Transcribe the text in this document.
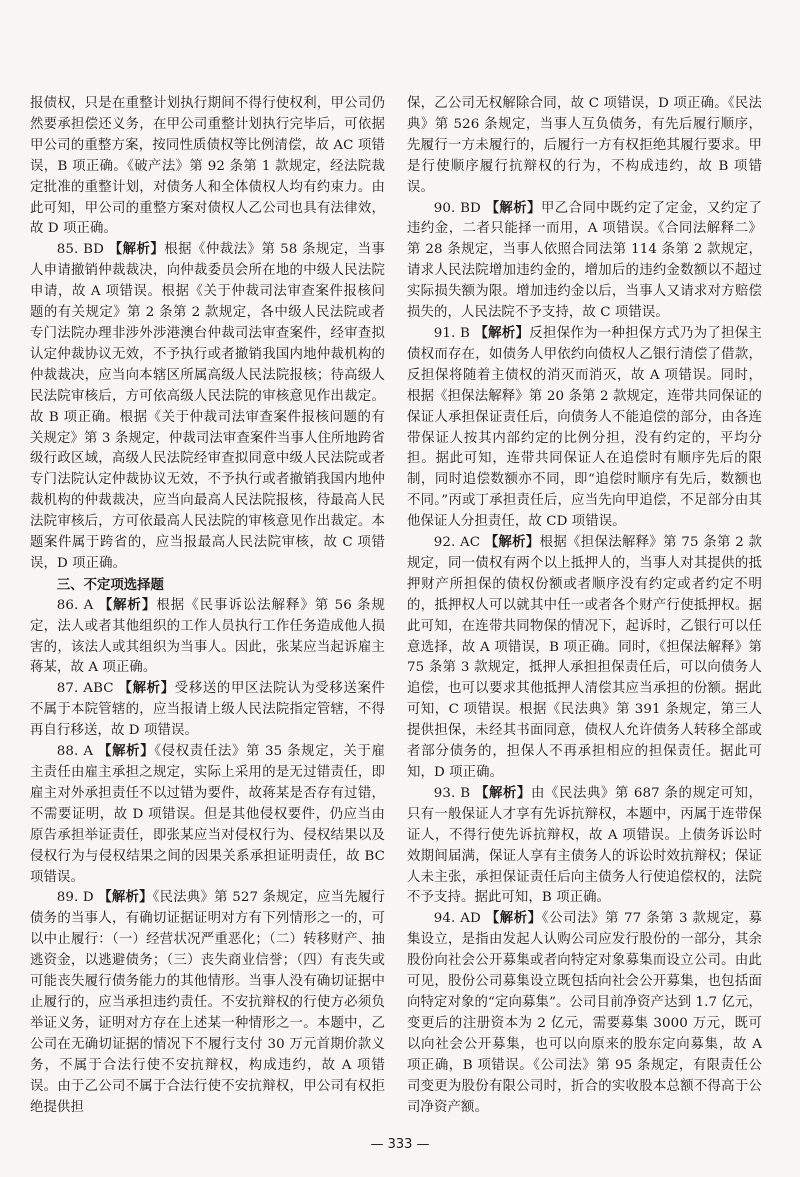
报债权，只是在重整计划执行期间不得行使权利，甲公司仍然要承担偿还义务，在甲公司重整计划执行完毕后，可依据甲公司的重整方案，按同性质债权等比例清偿，故 AC 项错误，B 项正确。《破产法》第 92 条第 1 款规定，经法院裁定批准的重整计划，对债务人和全体债权人均有约束力。由此可知，甲公司的重整方案对债权人乙公司也具有法律效，故 D 项正确。

85. BD 【解析】根据《仲裁法》第 58 条规定，当事人申请撤销仲裁裁决，向仲裁委员会所在地的中级人民法院申请，故 A 项错误。根据《关于仲裁司法审查案件报核问题的有关规定》第 2 条第 2 款规定，各中级人民法院或者专门法院办理非涉外涉港澳台仲裁司法审查案件，经审查拟认定仲裁协议无效，不予执行或者撤销我国内地仲裁机构的仲裁裁决，应当向本辖区所属高级人民法院报核；待高级人民法院审核后，方可依高级人民法院的审核意见作出裁定。故 B 项正确。根据《关于仲裁司法审查案件报核问题的有关规定》第 3 条规定，仲裁司法审查案件当事人住所地跨省级行政区域，高级人民法院经审查拟同意中级人民法院或者专门法院认定仲裁协议无效，不予执行或者撤销我国内地仲裁机构的仲裁裁决，应当向最高人民法院报核，待最高人民法院审核后，方可依最高人民法院的审核意见作出裁定。本题案件属于跨省的，应当报最高人民法院审核，故 C 项错误，D 项正确。

三、不定项选择题

86. A 【解析】根据《民事诉讼法解释》第 56 条规定，法人或者其他组织的工作人员执行工作任务造成他人损害的，该法人或其组织为当事人。因此，张某应当起诉雇主蒋某，故 A 项正确。

87. ABC 【解析】受移送的甲区法院认为受移送案件不属于本院管辖的，应当报请上级人民法院指定管辖，不得再自行移送，故 D 项错误。

88. A 【解析】《侵权责任法》第 35 条规定，关于雇主责任由雇主承担之规定，实际上采用的是无过错责任，即雇主对外承担责任不以过错为要件，故蒋某是否存有过错，不需要证明，故 D 项错误。但是其他侵权要件，仍应当由原告承担举证责任，即张某应当对侵权行为、侵权结果以及侵权行为与侵权结果之间的因果关系承担证明责任，故 BC 项错误。

89. D 【解析】《民法典》第 527 条规定，应当先履行债务的当事人，有确切证据证明对方有下列情形之一的，可以中止履行：（一）经营状况严重恶化；（二）转移财产、抽逃资金，以逃避债务；（三）丧失商业信誉；（四）有丧失或可能丧失履行债务能力的其他情形。当事人没有确切证据中止履行的，应当承担违约责任。不安抗辩权的行使方必须负举证义务，证明对方存在上述某一种情形之一。本题中，乙公司在无确切证据的情况下不履行支付 30 万元首期价款义务，不属于合法行使不安抗辩权，构成违约，故 A 项错误。由于乙公司不属于合法行使不安抗辩权，甲公司有权拒绝提供担

保，乙公司无权解除合同，故 C 项错误，D 项正确。《民法典》第 526 条规定，当事人互负债务，有先后履行顺序，先履行一方未履行的，后履行一方有权拒绝其履行要求。甲是行使顺序履行抗辩权的行为，不构成违约，故 B 项错误。

90. BD 【解析】甲乙合同中既约定了定金，又约定了违约金，二者只能择一而用，A 项错误。《合同法解释二》第 28 条规定，当事人依照合同法第 114 条第 2 款规定，请求人民法院增加违约金的，增加后的违约金数额以不超过实际损失额为限。增加违约金以后，当事人又请求对方赔偿损失的，人民法院不予支持，故 C 项错误。

91. B 【解析】反担保作为一种担保方式乃为了担保主债权而存在，如债务人甲依约向债权人乙银行清偿了借款，反担保将随着主债权的消灭而消灭，故 A 项错误。同时，根据《担保法解释》第 20 条第 2 款规定，连带共同保证的保证人承担保证责任后，向债务人不能追偿的部分，由各连带保证人按其内部约定的比例分担，没有约定的，平均分担。据此可知，连带共同保证人在追偿时有顺序先后的限制，同时追偿数额亦不同，即“追偿时顺序有先后，数额也不同。”丙或丁承担责任后，应当先向甲追偿，不足部分由其他保证人分担责任，故 CD 项错误。

92. AC 【解析】根据《担保法解释》第 75 条第 2 款规定，同一债权有两个以上抵押人的，当事人对其提供的抵押财产所担保的债权份额或者顺序没有约定或者约定不明的，抵押权人可以就其中任一或者各个财产行使抵押权。据此可知，在连带共同物保的情况下，起诉时，乙银行可以任意选择，故 A 项错误，B 项正确。同时，《担保法解释》第 75 条第 3 款规定，抵押人承担担保责任后，可以向债务人追偿，也可以要求其他抵押人清偿其应当承担的份额。据此可知，C 项错误。根据《民法典》第 391 条规定，第三人提供担保，未经其书面同意，债权人允许债务人转移全部或者部分债务的，担保人不再承担相应的担保责任。据此可知，D 项正确。

93. B 【解析】由《民法典》第 687 条的规定可知，只有一般保证人才享有先诉抗辩权，本题中，丙属于连带保证人，不得行使先诉抗辩权，故 A 项错误。上债务诉讼时效期间届满，保证人享有主债务人的诉讼时效抗辩权；保证人未主张，承担保证责任后向主债务人行使追偿权的，法院不予支持。据此可知，B 项正确。

94. AD 【解析】《公司法》第 77 条第 3 款规定，募集设立，是指由发起人认购公司应发行股份的一部分，其余股份向社会公开募集或者向特定对象募集而设立公司。由此可见，股份公司募集设立既包括向社会公开募集，也包括面向特定对象的“定向募集”。公司目前净资产达到 1.7 亿元，变更后的注册资本为 2 亿元，需要募集 3000 万元，既可以向社会公开募集，也可以向原来的股东定向募集，故 A 项正确，B 项错误。《公司法》第 95 条规定，有限责任公司变更为股份有限公司时，折合的实收股本总额不得高于公司净资产额。

— 333 —
